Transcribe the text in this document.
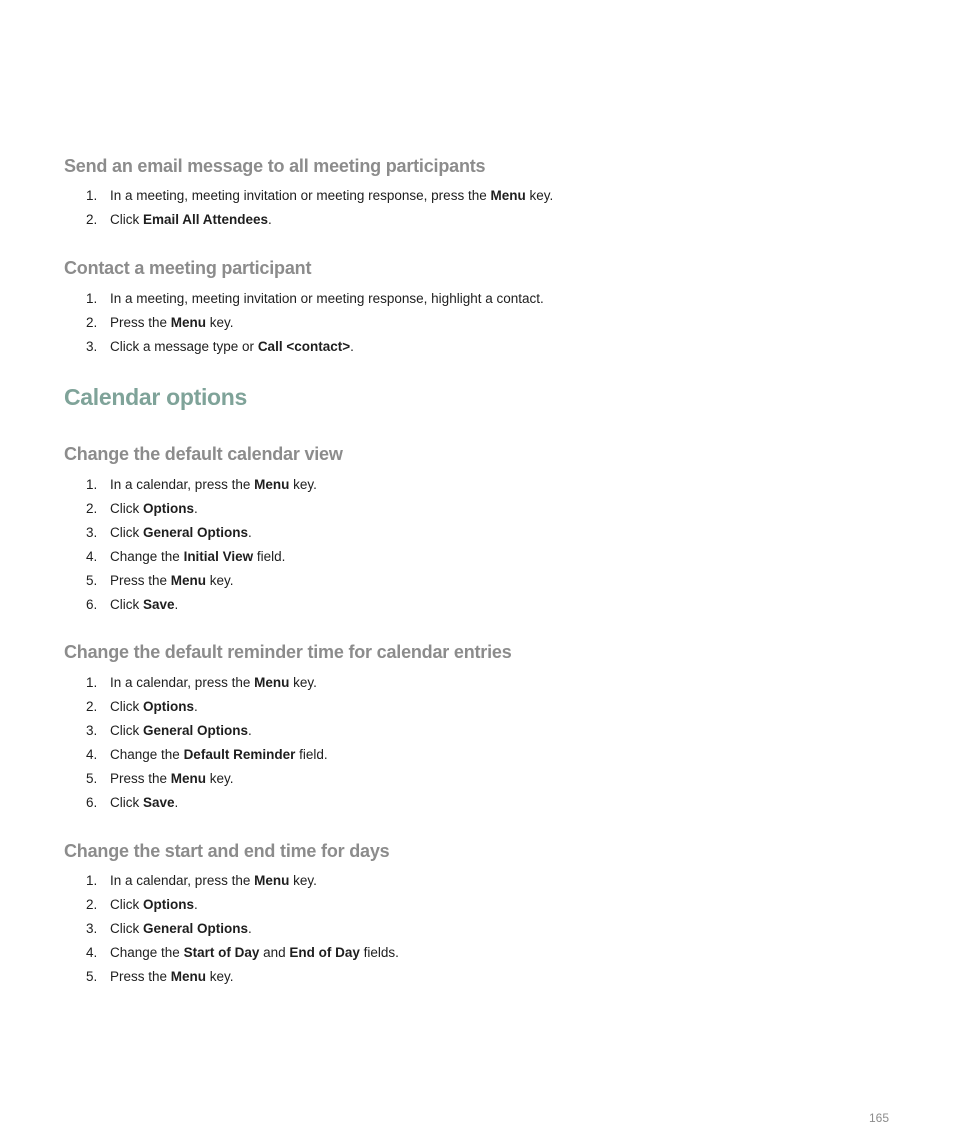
Send an email message to all meeting participants
1. In a meeting, meeting invitation or meeting response, press the Menu key.
2. Click Email All Attendees.
Contact a meeting participant
1. In a meeting, meeting invitation or meeting response, highlight a contact.
2. Press the Menu key.
3. Click a message type or Call <contact>.
Calendar options
Change the default calendar view
1. In a calendar, press the Menu key.
2. Click Options.
3. Click General Options.
4. Change the Initial View field.
5. Press the Menu key.
6. Click Save.
Change the default reminder time for calendar entries
1. In a calendar, press the Menu key.
2. Click Options.
3. Click General Options.
4. Change the Default Reminder field.
5. Press the Menu key.
6. Click Save.
Change the start and end time for days
1. In a calendar, press the Menu key.
2. Click Options.
3. Click General Options.
4. Change the Start of Day and End of Day fields.
5. Press the Menu key.
165
